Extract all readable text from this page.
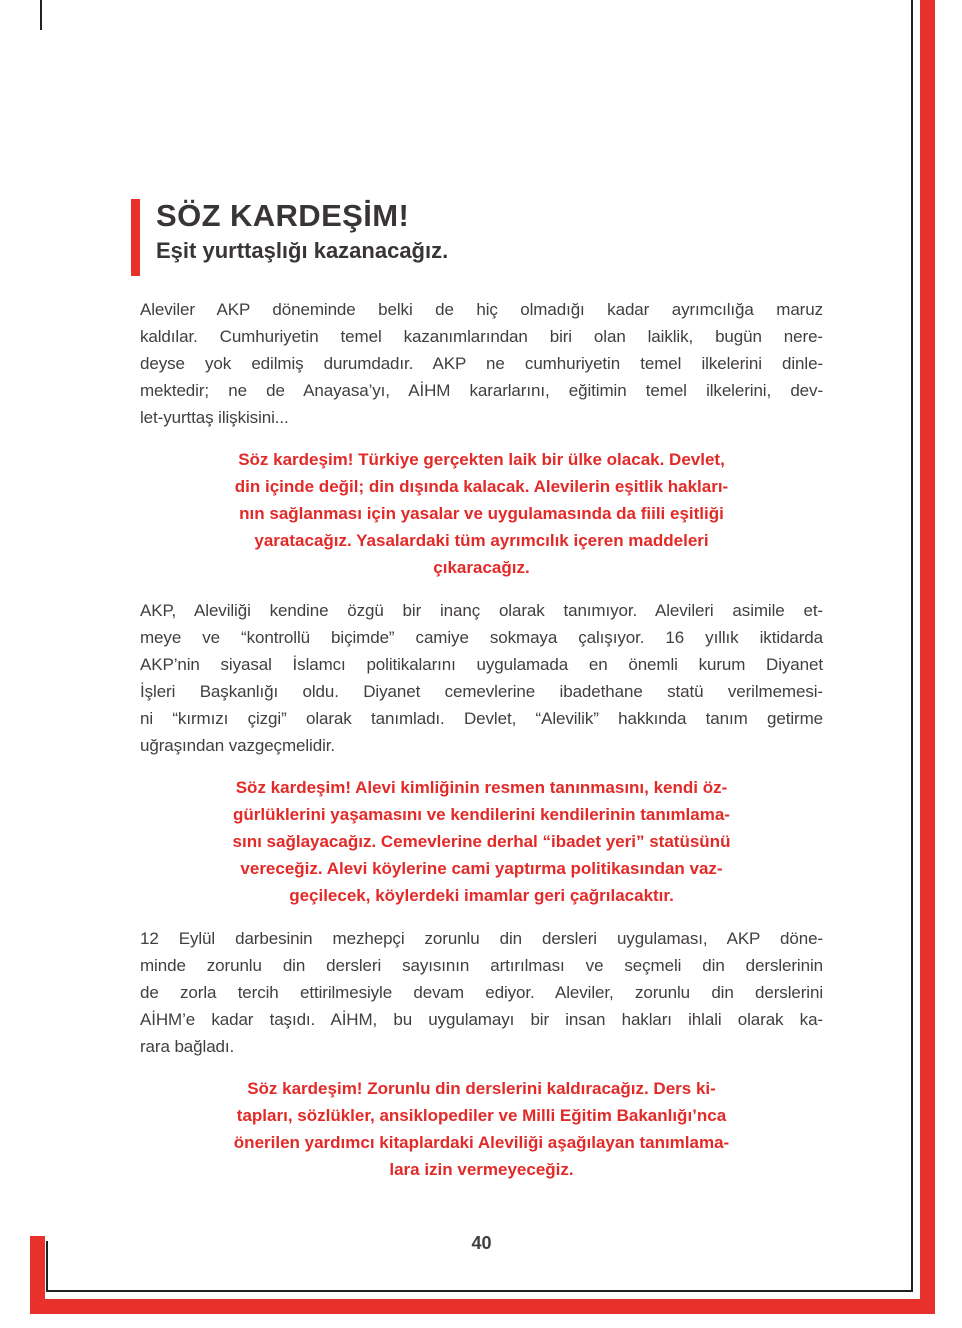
SÖZ KARDEŞİM!
Eşit yurttaşlığı kazanacağız.
Aleviler AKP döneminde belki de hiç olmadığı kadar ayrımcılığa maruz
kaldılar. Cumhuriyetin temel kazanımlarından biri olan laiklik, bugün nere-
deyse yok edilmiş durumdadır. AKP ne cumhuriyetin temel ilkelerini dinle-
mektedir; ne de Anayasa’yı, AİHM kararlarını, eğitimin temel ilkelerini, dev-
let-yurttaş ilişkisini...
Söz kardeşim! Türkiye gerçekten laik bir ülke olacak. Devlet,
din içinde değil; din dışında kalacak. Alevilerin eşitlik hakları-
nın sağlanması için yasalar ve uygulamasında da fiili eşitliği
yaratacağız. Yasalardaki tüm ayrımcılık içeren maddeleri
çıkaracağız.
AKP, Aleviliği kendine özgü bir inanç olarak tanımıyor. Alevileri asimile et-
meye ve “kontrollü biçimde” camiye sokmaya çalışıyor. 16 yıllık iktidarda
AKP’nin siyasal İslamcı politikalarını uygulamada en önemli kurum Diyanet
İşleri Başkanlığı oldu. Diyanet cemevlerine ibadethane statü verilmemesi-
ni “kırmızı çizgi” olarak tanımladı. Devlet, “Alevilik” hakkında tanım getirme
uğraşından vazgeçmelidir.
Söz kardeşim! Alevi kimliğinin resmen tanınmasını, kendi öz-
gürlüklerini yaşamasını ve kendilerini kendilerinin tanımlama-
sını sağlayacağız. Cemevlerine derhal “ibadet yeri” statüsünü
vereceğiz. Alevi köylerine cami yaptırma politikasından vaz-
geçilecek, köylerdeki imamlar geri çağrılacaktır.
12 Eylül darbesinin mezhepçi zorunlu din dersleri uygulaması, AKP döne-
minde zorunlu din dersleri sayısının artırılması ve seçmeli din derslerinin
de zorla tercih ettirilmesiyle devam ediyor. Aleviler, zorunlu din derslerini
AİHM’e kadar taşıdı. AİHM, bu uygulamayı bir insan hakları ihlali olarak ka-
rara bağladı.
Söz kardeşim! Zorunlu din derslerini kaldıracağız. Ders ki-
tapları, sözlükler, ansiklopediler ve Milli Eğitim Bakanlığı’nca
önerilen yardımcı kitaplardaki Aleviliği aşağılayan tanımlama-
lara izin vermeyeceğiz.
40
